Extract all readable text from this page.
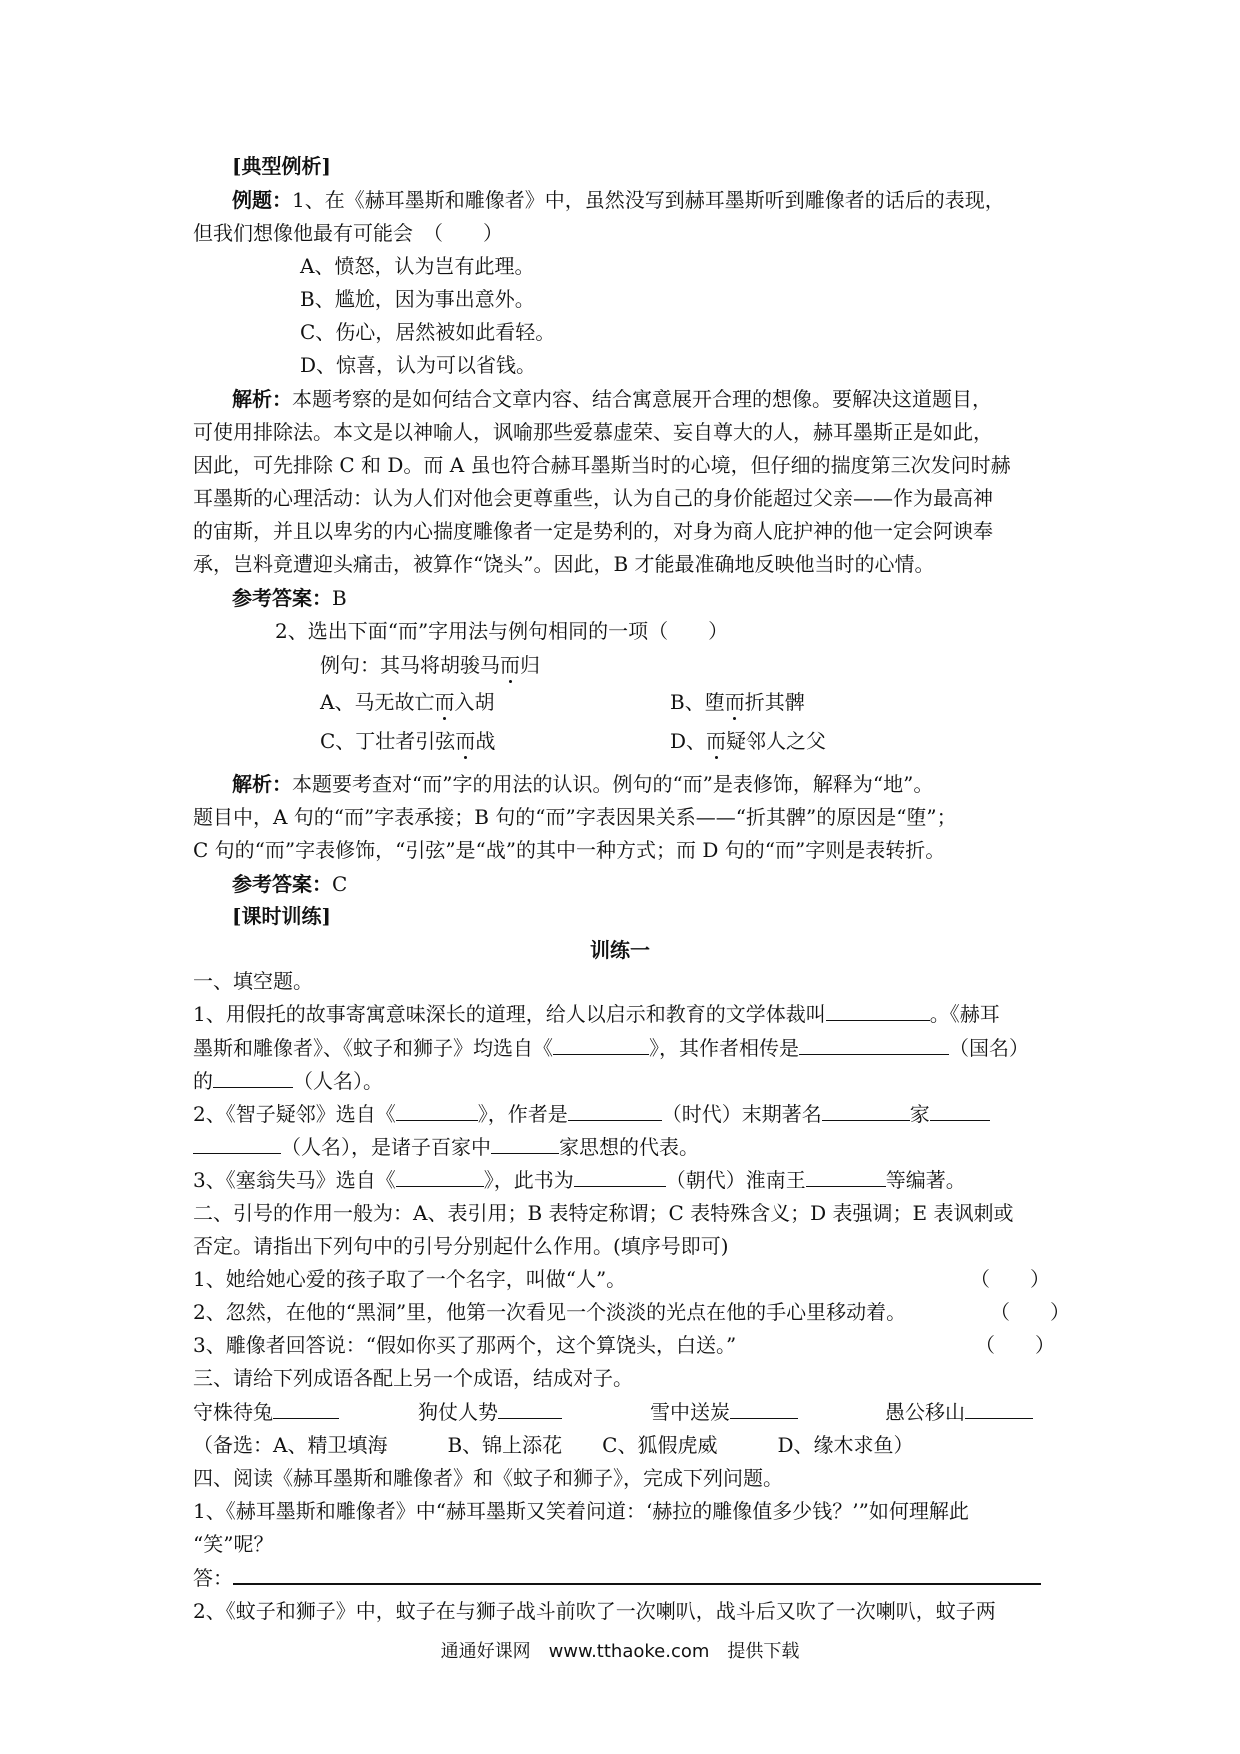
[典型例析]
例题：1、在《赫耳墨斯和雕像者》中，虽然没写到赫耳墨斯听到雕像者的话后的表现，
但我们想像他最有可能会　（　　）
A、愤怒，认为岂有此理。
B、尴尬，因为事出意外。
C、伤心，居然被如此看轻。
D、惊喜，认为可以省钱。
解析：本题考察的是如何结合文章内容、结合寓意展开合理的想像。要解决这道题目，
可使用排除法。本文是以神喻人，讽喻那些爱慕虚荣、妄自尊大的人，赫耳墨斯正是如此，
因此，可先排除 C 和 D。而 A 虽也符合赫耳墨斯当时的心境，但仔细的揣度第三次发问时赫
耳墨斯的心理活动：认为人们对他会更尊重些，认为自己的身价能超过父亲——作为最高神
的宙斯，并且以卑劣的内心揣度雕像者一定是势利的，对身为商人庇护神的他一定会阿谀奉
承，岂料竟遭迎头痛击，被算作“饶头”。因此，B 才能最准确地反映他当时的心情。
参考答案：B
2、选出下面“而”字用法与例句相同的一项（　　）
例句：其马将胡骏马而归
A、马无故亡而入胡	B、堕而折其髀
C、丁壮者引弦而战	D、而疑邻人之父
解析：本题要考查对“而”字的用法的认识。例句的“而”是表修饰，解释为“地”。
题目中，A 句的“而”字表承接；B 句的“而”字表因果关系——“折其髀”的原因是“堕”；
C 句的“而”字表修饰，“引弦”是“战”的其中一种方式；而 D 句的“而”字则是表转折。
参考答案：C
[课时训练]
训练一
一、填空题。
1、用假托的故事寄寓意味深长的道理，给人以启示和教育的文学体裁叫	。《赫耳
墨斯和雕像者》、《蚊子和狮子》均选自《	》，其作者相传是	（国名）
的	（人名）。
2、《智子疑邻》选自《	》，作者是	（时代）末期著名	家
（人名），是诸子百家中	家思想的代表。
3、《塞翁失马》选自《	》，此书为	（朝代）淮南王	等编著。
二、引号的作用一般为：A、表引用；B 表特定称谓；C 表特殊含义；D 表强调；E 表讽刺或
否定。请指出下列句中的引号分别起什么作用。(填序号即可)
1、她给她心爱的孩子取了一个名字，叫做“人”。	（　　）
2、忽然，在他的“黑洞”里，他第一次看见一个淡淡的光点在他的手心里移动着。	（　　）
3、雕像者回答说：“假如你买了那两个，这个算饶头，白送。”	（　　）
三、请给下列成语各配上另一个成语，结成对子。
守株待兔	狗仗人势	雪中送炭	愚公移山
（备选：A、精卫填海　　　B、锦上添花　　C、狐假虎威　　　D、缘木求鱼）
四、阅读《赫耳墨斯和雕像者》和《蚊子和狮子》，完成下列问题。
1、《赫耳墨斯和雕像者》中“赫耳墨斯又笑着问道：‘赫拉的雕像值多少钱？’”如何理解此
“笑”呢？
答：
2、《蚊子和狮子》中，蚊子在与狮子战斗前吹了一次喇叭，战斗后又吹了一次喇叭，蚊子两
通通好课网　www.tthaoke.com　提供下载
